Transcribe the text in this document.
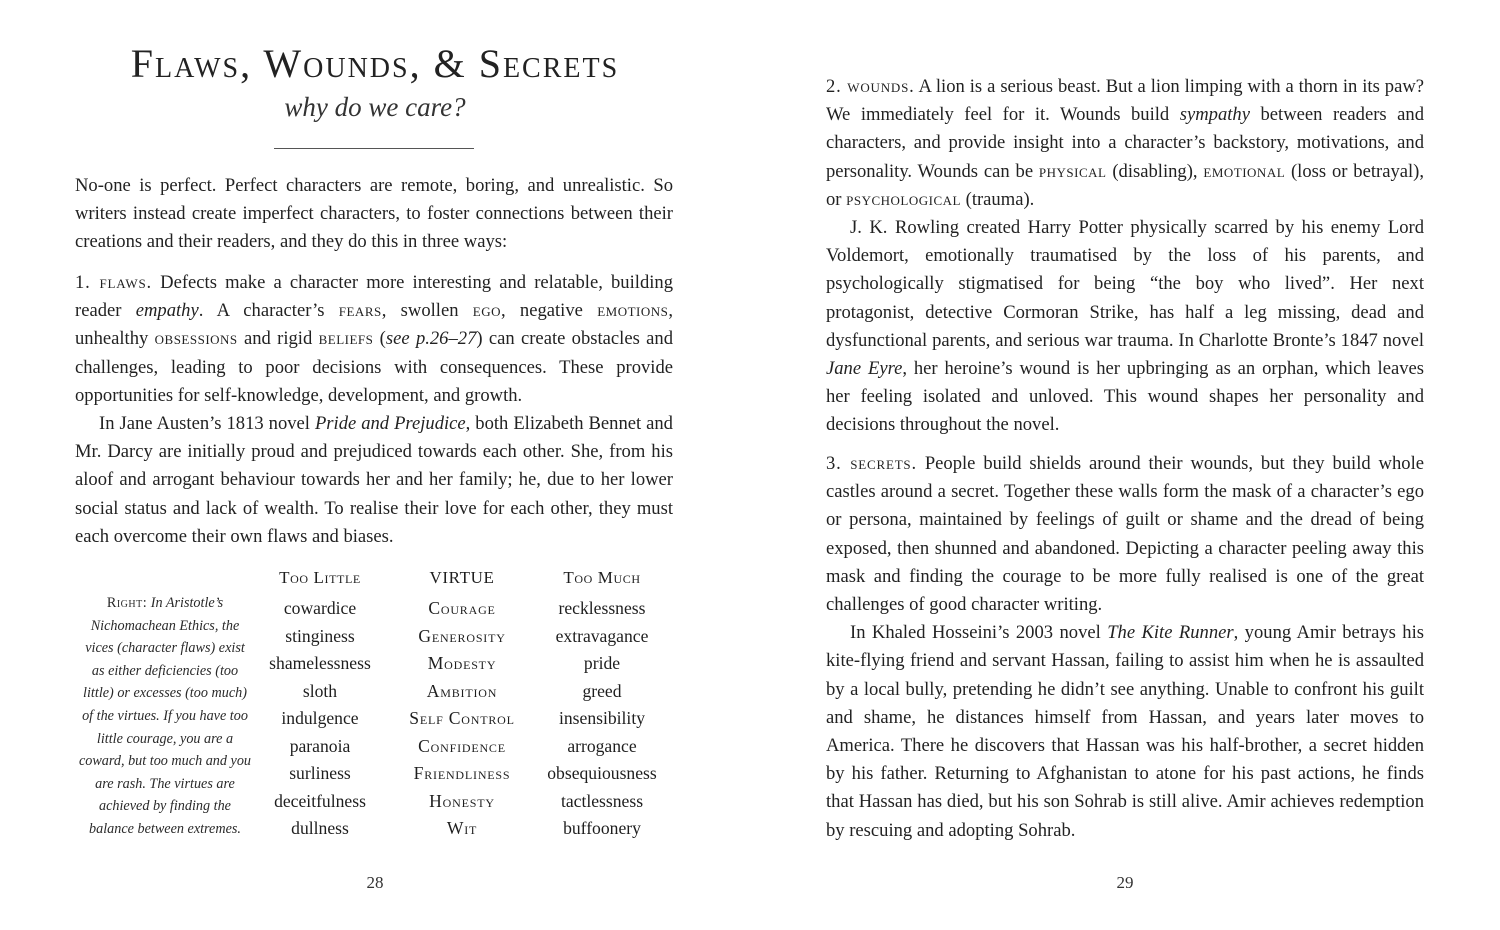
Flaws, Wounds, & Secrets
why do we care?

No-one is perfect. Perfect characters are remote, boring, and unrealistic. So writers instead create imperfect characters, to foster connections between their creations and their readers, and they do this in three ways:

1. flaws. Defects make a character more interesting and relatable, building reader empathy. A character’s fears, swollen ego, negative emotions, unhealthy obsessions and rigid beliefs (see p.26–27) can create obstacles and challenges, leading to poor decisions with consequences. These provide opportunities for self-knowledge, development, and growth.

In Jane Austen’s 1813 novel Pride and Prejudice, both Elizabeth Bennet and Mr. Darcy are initially proud and prejudiced towards each other. She, from his aloof and arrogant behaviour towards her and her family; he, due to her lower social status and lack of wealth. To realise their love for each other, they must each overcome their own flaws and biases.

Right: In Aristotle’s Nichomachean Ethics, the vices (character flaws) exist as either deficiencies (too little) or excesses (too much) of the virtues. If you have too little courage, you are a coward, but too much and you are rash. The virtues are achieved by finding the balance between extremes.
Too Little
cowardice
stinginess
shamelessness
sloth
indulgence
paranoia
surliness
deceitfulness
dullness
VIRTUE
Courage
Generosity
Modesty
Ambition
Self Control
Confidence
Friendliness
Honesty
Wit
Too Much
recklessness
extravagance
pride
greed
insensibility
arrogance
obsequiousness
tactlessness
buffoonery
28

2. wounds. A lion is a serious beast. But a lion limping with a thorn in its paw? We immediately feel for it. Wounds build sympathy between readers and characters, and provide insight into a character’s backstory, motivations, and personality. Wounds can be physical (disabling), emotional (loss or betrayal), or psychological (trauma).

J. K. Rowling created Harry Potter physically scarred by his enemy Lord Voldemort, emotionally traumatised by the loss of his parents, and psychologically stigmatised for being “the boy who lived”. Her next protagonist, detective Cormoran Strike, has half a leg missing, dead and dysfunctional parents, and serious war trauma. In Charlotte Bronte’s 1847 novel Jane Eyre, her heroine’s wound is her upbringing as an orphan, which leaves her feeling isolated and unloved. This wound shapes her personality and decisions throughout the novel.

3. secrets. People build shields around their wounds, but they build whole castles around a secret. Together these walls form the mask of a character’s ego or persona, maintained by feelings of guilt or shame and the dread of being exposed, then shunned and abandoned. Depicting a character peeling away this mask and finding the courage to be more fully realised is one of the great challenges of good character writing.

In Khaled Hosseini’s 2003 novel The Kite Runner, young Amir betrays his kite-flying friend and servant Hassan, failing to assist him when he is assaulted by a local bully, pretending he didn’t see anything. Unable to confront his guilt and shame, he distances himself from Hassan, and years later moves to America. There he discovers that Hassan was his half-brother, a secret hidden by his father. Returning to Afghanistan to atone for his past actions, he finds that Hassan has died, but his son Sohrab is still alive. Amir achieves redemption by rescuing and adopting Sohrab.

29
